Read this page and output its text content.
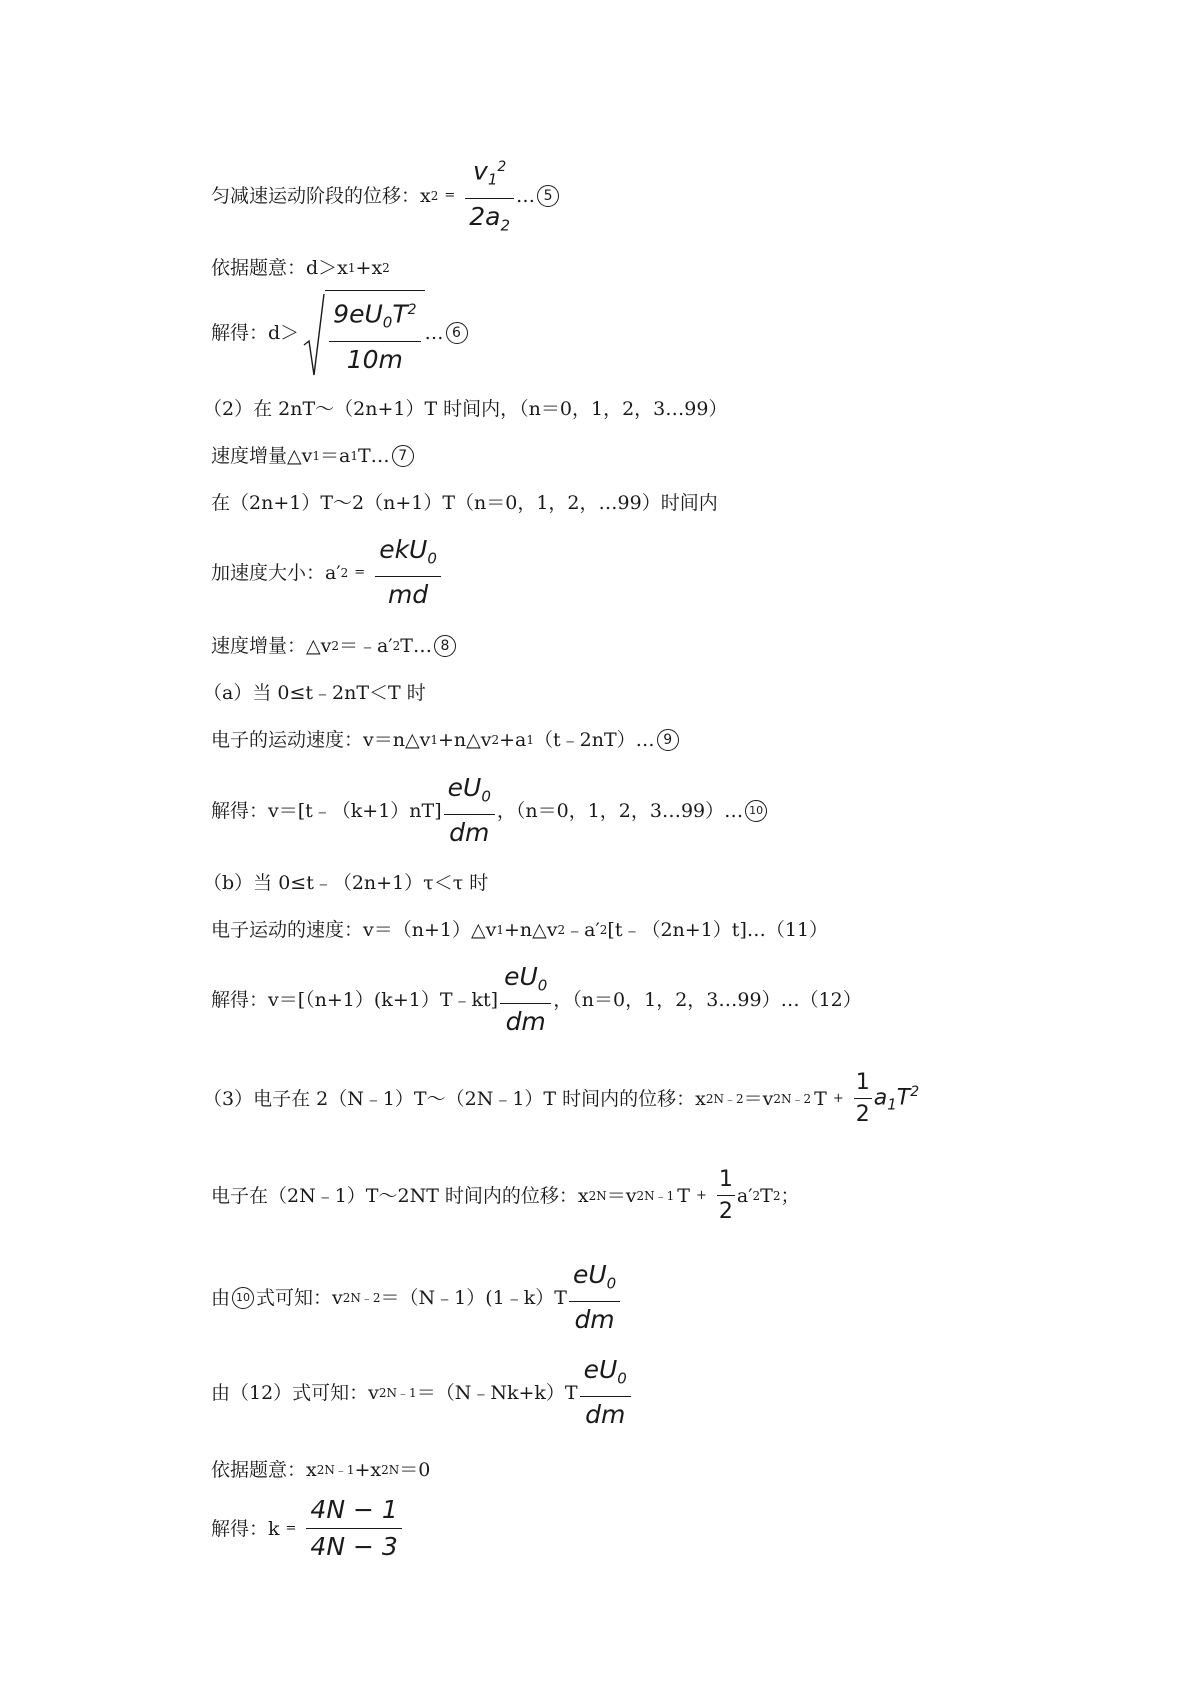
匀减速运动阶段的位移：x $2 = \frac{v_1^2}{2a_2}$ … 5
依据题意：d＞x 1 +x 2
解得：$d> \frac{9eU_0T^2}{10m}$ … 6
（2）在 2nT～（2n+1）T 时间内，（n＝0，1，2，3…99）
速度增量△v 1 ＝a 1 T… 7
在（2n+1）T～2（n+1）T（n＝0，1，2，…99）时间内
加速度大小：a′ $2 = \frac{ekU_0}{md}$
速度增量：△v 2 ＝﹣a′ 2 T… 8
（a）当 0≤t﹣2nT＜T 时
电子的运动速度：v＝n△v 1 +n△v 2 +a 1 （t﹣2nT）… 9
解得：v＝[t﹣（k+1）nT] $\frac{eU_0}{dm}$ ，（n＝0，1，2，3…99）… 10
（b）当 0≤t﹣（2n+1）τ＜τ 时
电子运动的速度：v＝（n+1）△v 1 +n△v 2 ﹣a′ 2 [t﹣（2n+1）t]…（11）
解得：v＝[（n+1）(k+1）T﹣kt] $\frac{eU_0}{dm}$ ，（n＝0，1，2，3…99）…（12）
（3）电子在 2（N﹣1）T～（2N﹣1）T 时间内的位移：x 2N﹣2 ＝v 2N﹣2 $T + \frac{1}{2} a_1T^2$
电子在（2N﹣1）T～2NT 时间内的位移：x 2N ＝v 2N﹣1 $T + \frac{1}{2} a'$ 2 T 2 ；
由 10 式可知：v 2N﹣2 ＝（N﹣1）(1﹣k）T $\frac{eU_0}{dm}$
由（12）式可知：v 2N﹣1 ＝（N﹣Nk+k）T $\frac{eU_0}{dm}$
依据题意：x 2N﹣1 +x 2N ＝0
解得：$k = \frac{4N - 1}{4N - 3}$
